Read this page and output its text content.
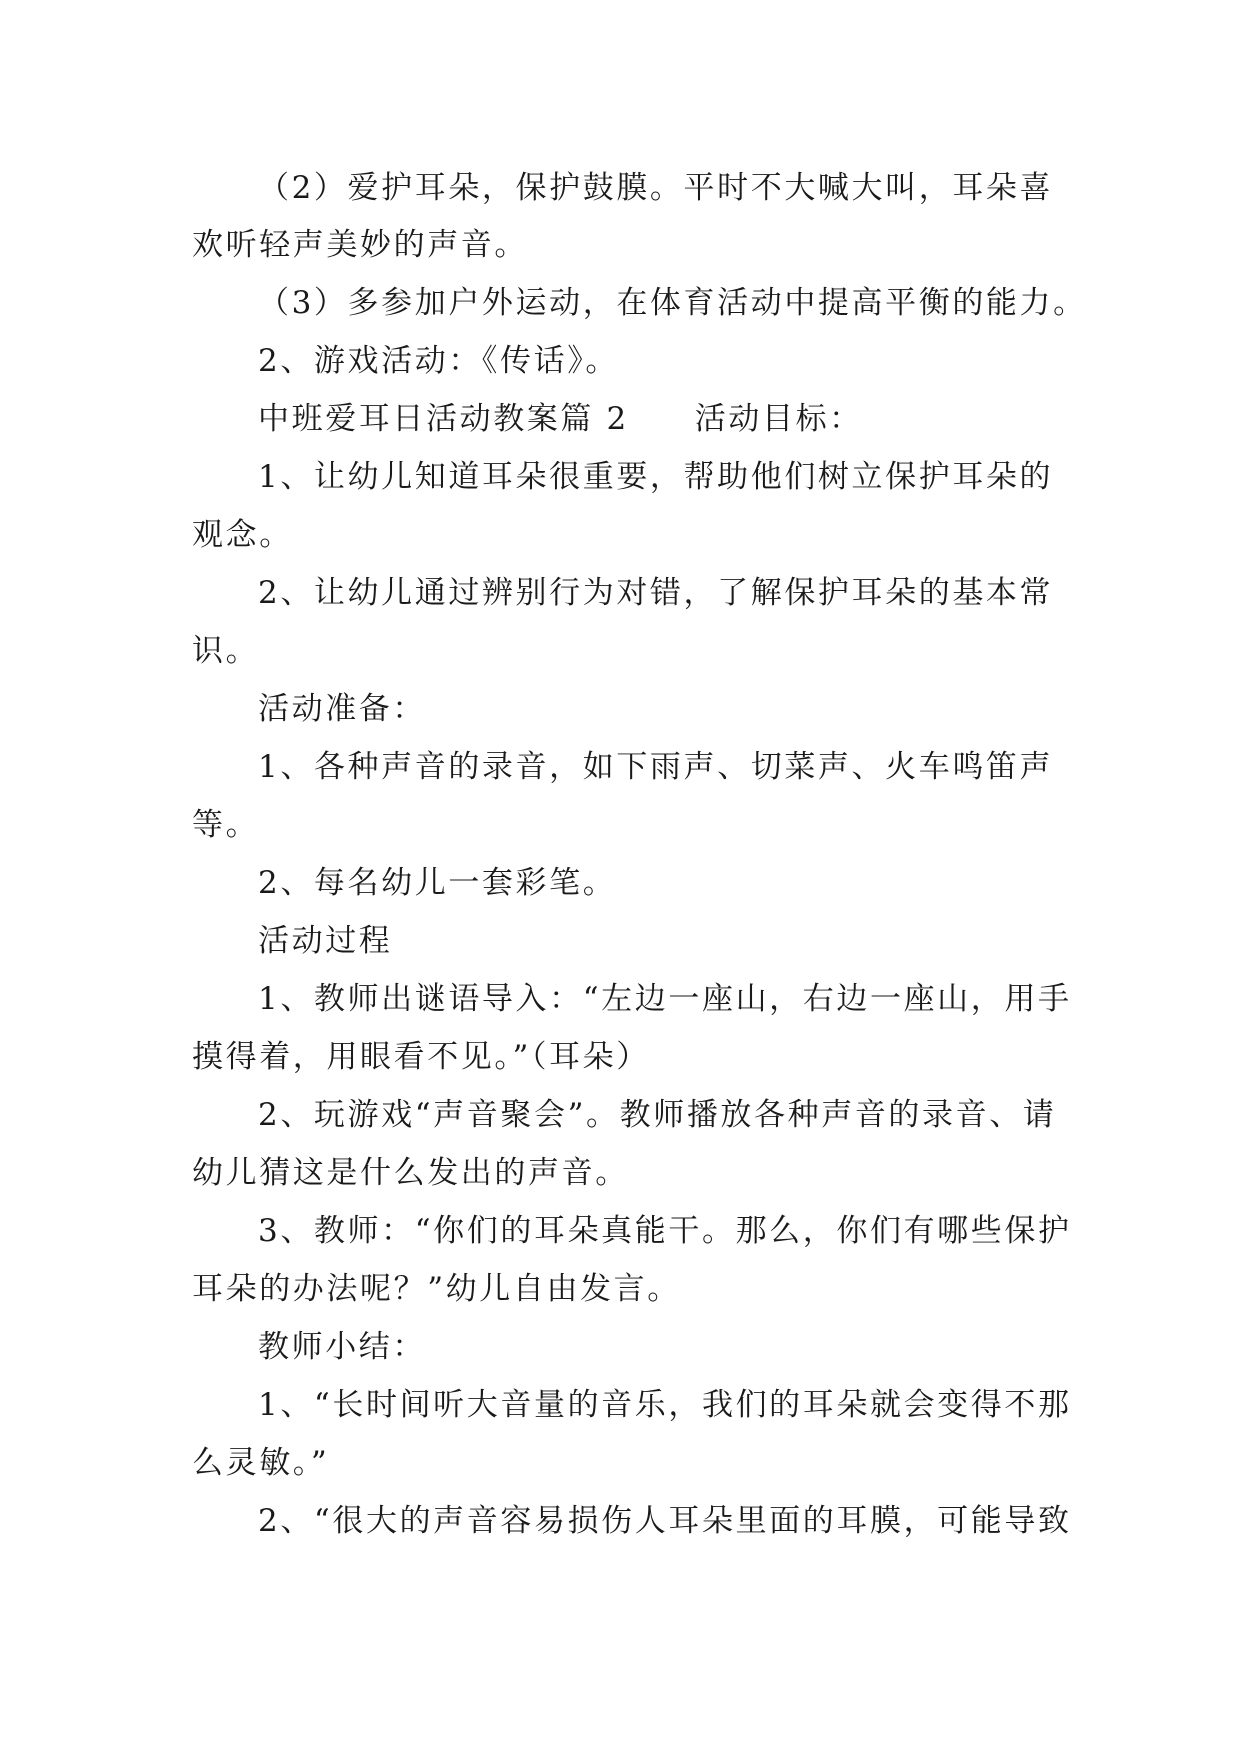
（2）爱护耳朵，保护鼓膜。平时不大喊大叫，耳朵喜
欢听轻声美妙的声音。
（3）多参加户外运动，在体育活动中提高平衡的能力。
2、游戏活动：《传话》。
中班爱耳日活动教案篇 2 活动目标：
1、让幼儿知道耳朵很重要，帮助他们树立保护耳朵的
观念。
2、让幼儿通过辨别行为对错，了解保护耳朵的基本常
识。
活动准备：
1、各种声音的录音，如下雨声、切菜声、火车鸣笛声
等。
2、每名幼儿一套彩笔。
活动过程
1、教师出谜语导入：“左边一座山，右边一座山，用手
摸得着，用眼看不见。”（耳朵）
2、玩游戏“声音聚会”。教师播放各种声音的录音、请
幼儿猜这是什么发出的声音。
3、教师：“你们的耳朵真能干。那么，你们有哪些保护
耳朵的办法呢？”幼儿自由发言。
教师小结：
1、“长时间听大音量的音乐，我们的耳朵就会变得不那
么灵敏。”
2、“很大的声音容易损伤人耳朵里面的耳膜，可能导致
